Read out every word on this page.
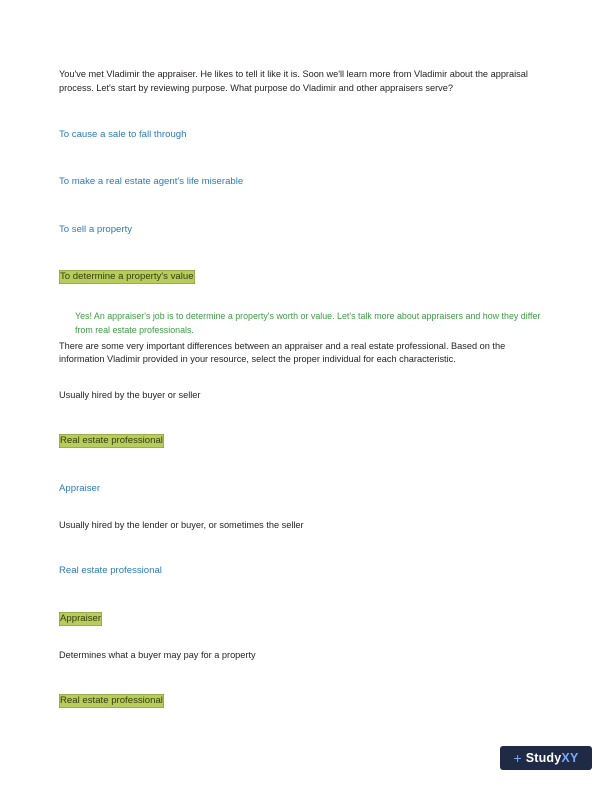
You've met Vladimir the appraiser. He likes to tell it like it is. Soon we'll learn more from Vladimir about the appraisal process. Let's start by reviewing purpose. What purpose do Vladimir and other appraisers serve?

To cause a sale to fall through
To make a real estate agent's life miserable
To sell a property
To determine a property's value
Yes! An appraiser's job is to determine a property's worth or value. Let's talk more about appraisers and how they differ from real estate professionals.
There are some very important differences between an appraiser and a real estate professional. Based on the information Vladimir provided in your resource, select the proper individual for each characteristic.
Usually hired by the buyer or seller
Real estate professional
Appraiser
Usually hired by the lender or buyer, or sometimes the seller
Real estate professional
Appraiser
Determines what a buyer may pay for a property
Real estate professional
+ StudyXY
